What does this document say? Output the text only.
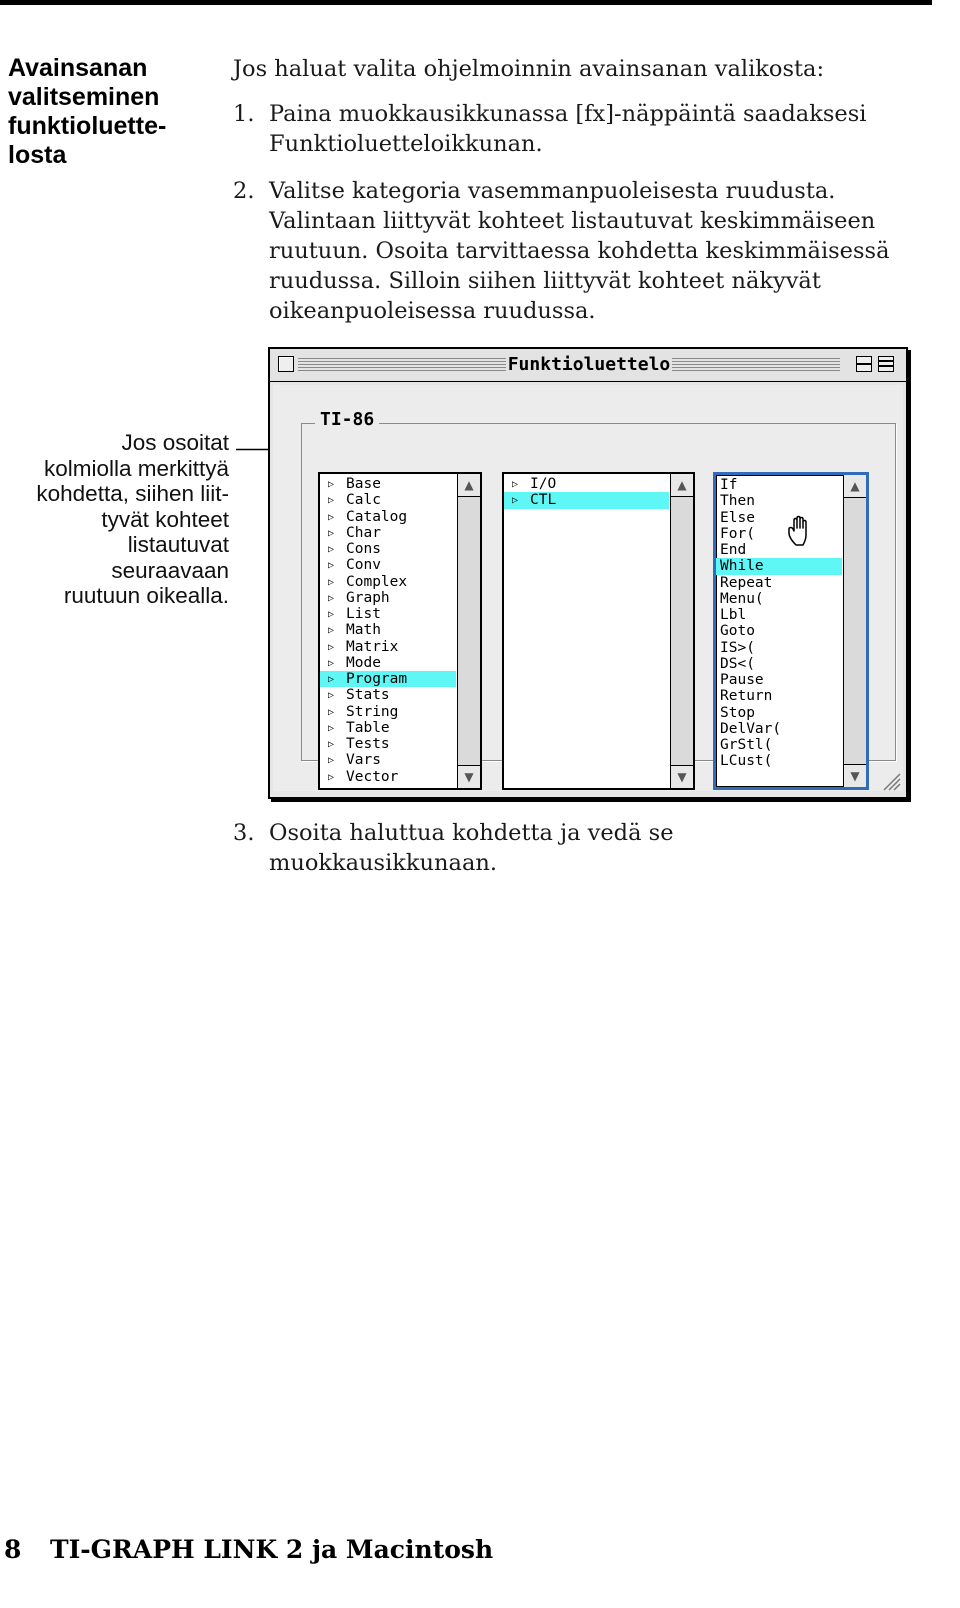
Avainsanan
valitseminen
funktioluette-
losta
Jos haluat valita ohjelmoinnin avainsanan valikosta:
1. Paina muokkausikkunassa [fx]-näppäintä saadaksesi
Funktioluetteloikkunan.
2. Valitse kategoria vasemmanpuoleisesta ruudusta.
Valintaan liittyvät kohteet listautuvat keskimmäiseen
ruutuun. Osoita tarvittaessa kohdetta keskimmäisessä
ruudussa. Silloin siihen liittyvät kohteet näkyvät
oikeanpuoleisessa ruudussa.
Jos osoitat
kolmiolla merkittyä
kohdetta, siihen liit-
tyvät kohteet
listautuvat
seuraavaan
ruutuun oikealla.
Funktioluettelo
TI-86
▷ Base
▷ Calc
▷ Catalog
▷ Char
▷ Cons
▷ Conv
▷ Complex
▷ Graph
▷ List
▷ Math
▷ Matrix
▷ Mode
▷ Program
▷ Stats
▷ String
▷ Table
▷ Tests
▷ Vars
▷ Vector
▲
▼
▷ I/O
▷ CTL
▲
▼
If
Then
Else
For(
End
While
Repeat
Menu(
Lbl
Goto
IS>(
DS<(
Pause
Return
Stop
DelVar(
GrStl(
LCust(
▲
▼
3. Osoita haluttua kohdetta ja vedä se
muokkausikkunaan.
8 TI-GRAPH LINK 2 ja Macintosh
